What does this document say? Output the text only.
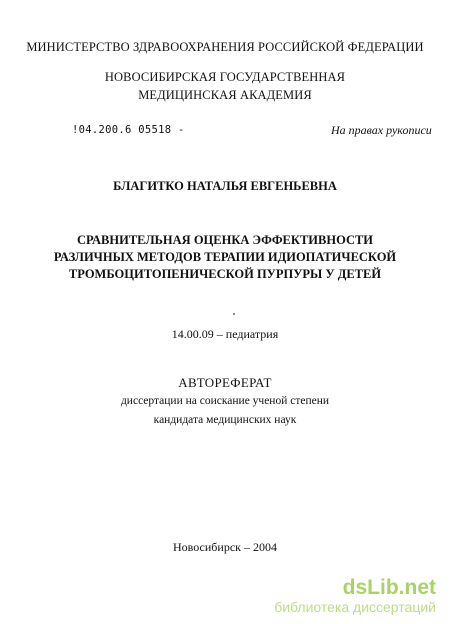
МИНИСТЕРСТВО ЗДРАВООХРАНЕНИЯ РОССИЙСКОЙ ФЕДЕРАЦИИ
НОВОСИБИРСКАЯ ГОСУДАРСТВЕННАЯ
МЕДИЦИНСКАЯ АКАДЕМИЯ
!04.200.6 05518 -	На правах рукописи
БЛАГИТКО НАТАЛЬЯ ЕВГЕНЬЕВНА
СРАВНИТЕЛЬНАЯ ОЦЕНКА ЭФФЕКТИВНОСТИ
РАЗЛИЧНЫХ МЕТОДОВ ТЕРАПИИ ИДИОПАТИЧЕСКОЙ
ТРОМБОЦИТОПЕНИЧЕСКОЙ ПУРПУРЫ У ДЕТЕЙ
14.00.09 – педиатрия
АВТОРЕФЕРАТ
диссертации на соискание ученой степени
кандидата медицинских наук
Новосибирск – 2004
dsLib.net
библиотека диссертаций
